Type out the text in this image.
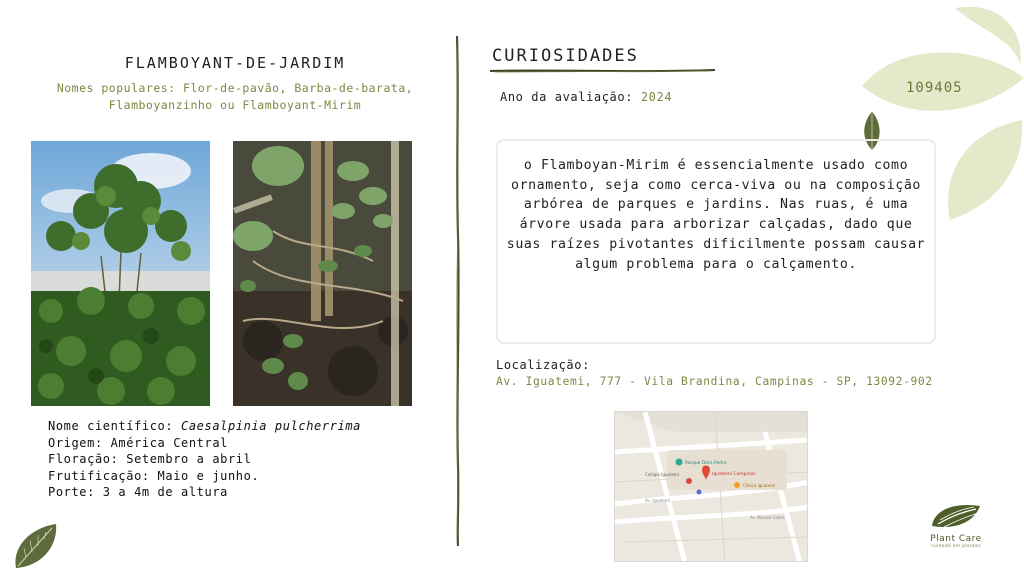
FLAMBOYANT-DE-JARDIM
Nomes populares: Flor-de-pavão, Barba-de-barata,
Flamboyanzinho ou Flamboyant-Mirim
Nome científico: Caesalpinia pulcherrima
Origem: América Central
Floração: Setembro a abril
Frutificação: Maio e junho.
Porte: 3 a 4m de altura
CURIOSIDADES
Ano da avaliação: 2024
109405
o Flamboyan-Mirim é essencialmente usado como ornamento, seja como cerca-viva ou na composição arbórea de parques e jardins. Nas ruas, é uma árvore usada para arborizar calçadas, dado que suas raízes pivotantes dificilmente possam causar algum problema para o calçamento.
Localização:
Av. Iguatemi, 777 - Vila Brandina, Campinas - SP, 13092-902
Parque Dom Pedro
Iguatemi Campinas
Colégio Iguatemi
Clínica Iguatemi
Av. Iguatemi
Av. Moraes Salles
Plant Care
cuidado em plantas
